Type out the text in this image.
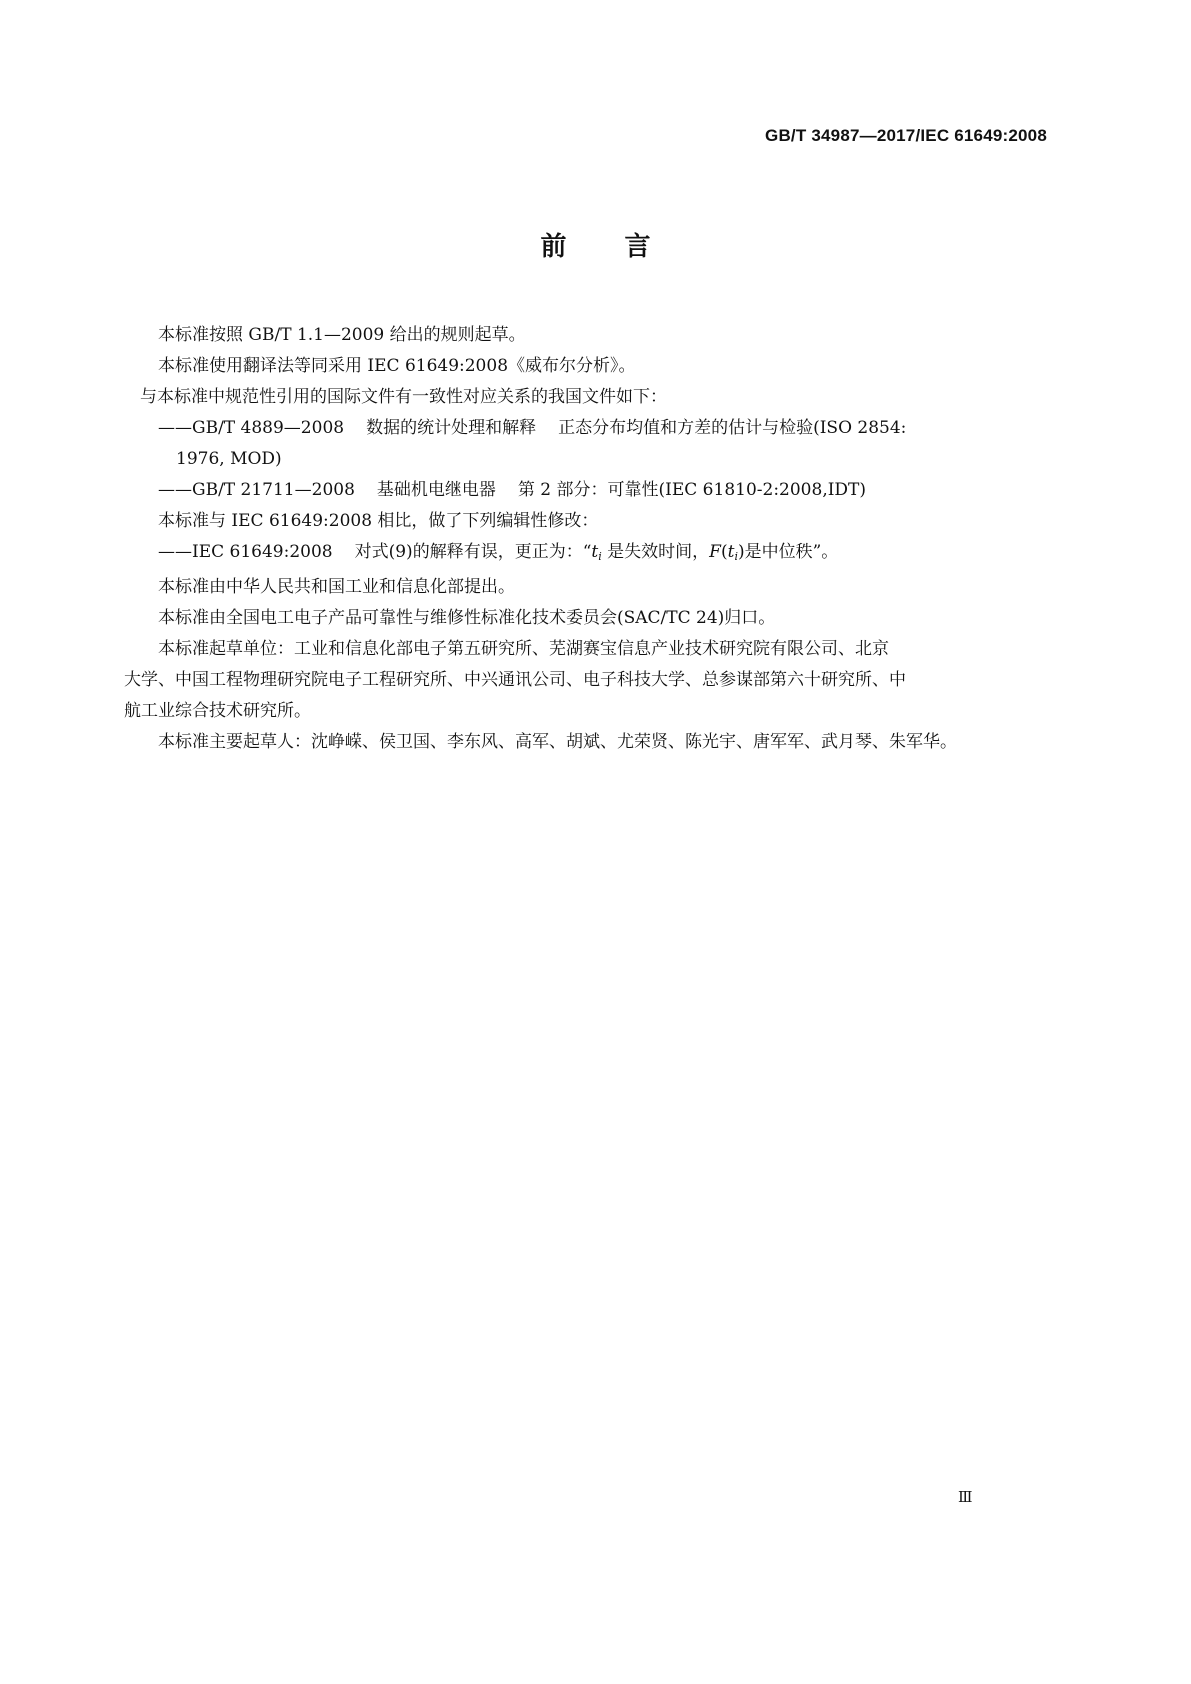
GB/T 34987—2017/IEC 61649:2008
前 言

本标准按照 GB/T 1.1—2009 给出的规则起草。

本标准使用翻译法等同采用 IEC 61649:2008《威布尔分析》。

与本标准中规范性引用的国际文件有一致性对应关系的我国文件如下：

——GB/T 4889—2008 数据的统计处理和解释 正态分布均值和方差的估计与检验(ISO 2854:

1976, MOD)

——GB/T 21711—2008 基础机电继电器 第 2 部分：可靠性(IEC 61810-2:2008,IDT)

本标准与 IEC 61649:2008 相比，做了下列编辑性修改：

——IEC 61649:2008 对式(9)的解释有误，更正为：“$t_i$ 是失效时间，$F(t_i)$是中位秩”。

本标准由中华人民共和国工业和信息化部提出。

本标准由全国电工电子产品可靠性与维修性标准化技术委员会(SAC/TC 24)归口。

本标准起草单位：工业和信息化部电子第五研究所、芜湖赛宝信息产业技术研究院有限公司、北京

大学、中国工程物理研究院电子工程研究所、中兴通讯公司、电子科技大学、总参谋部第六十研究所、中

航工业综合技术研究所。

本标准主要起草人：沈峥嵘、侯卫国、李东风、高军、胡斌、尤荣贤、陈光宇、唐军军、武月琴、朱军华。

Ⅲ
